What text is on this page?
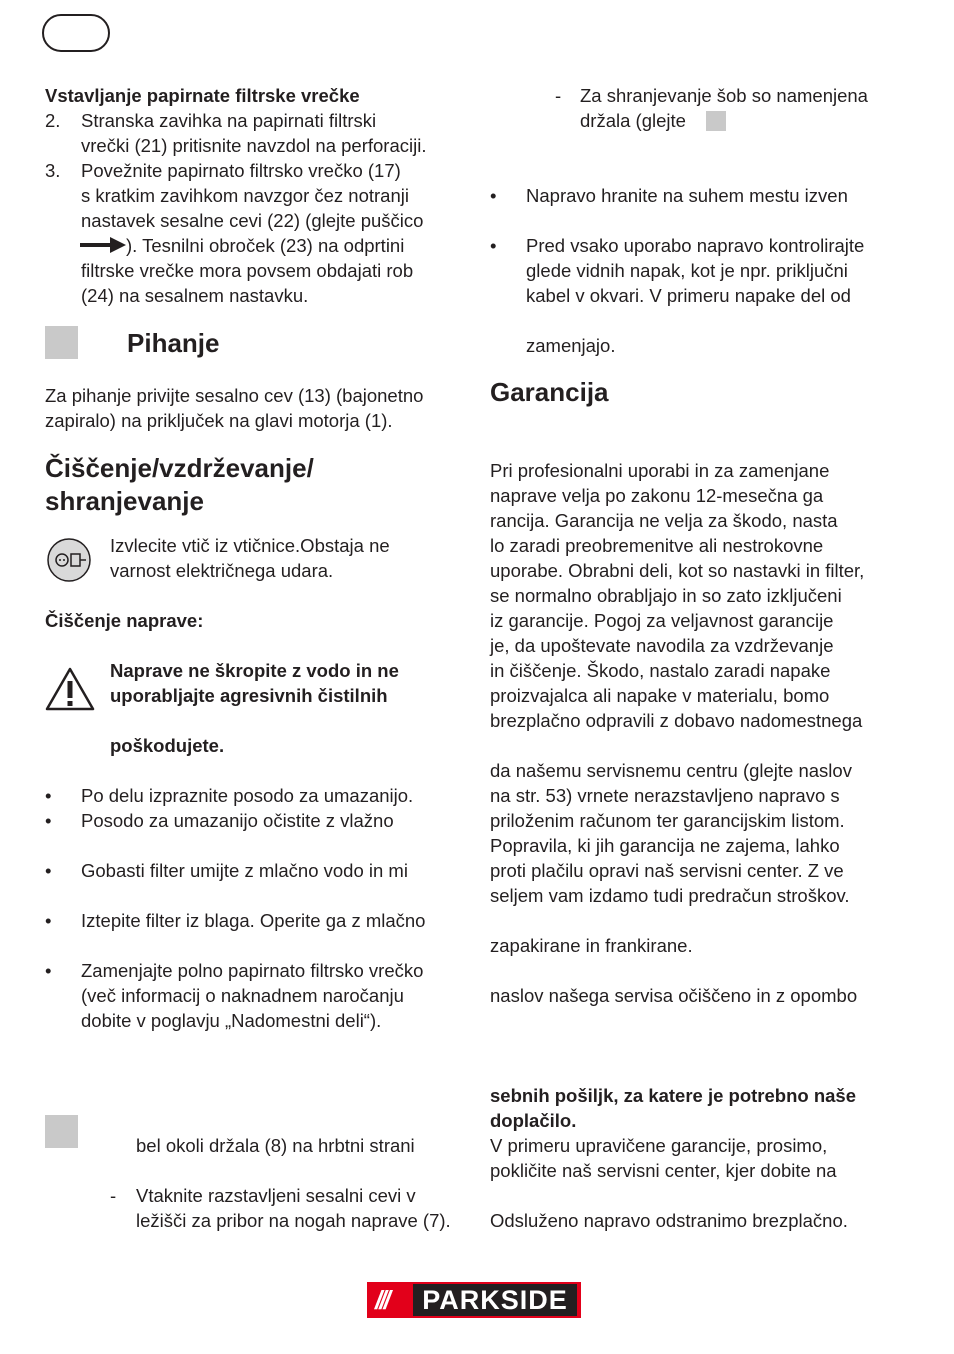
Vstavljanje papirnate filtrske vrečke
2. Stranska zavihka na papirnati filtrski
vrečki (21) pritisnite navzdol na perforaciji.
3. Povežnite papirnato filtrsko vrečko (17)
s kratkim zavihkom navzgor čez notranji
nastavek sesalne cevi (22) (glejte puščico
). Tesnilni obroček (23) na odprtini
filtrske vrečke mora povsem obdajati rob
(24) na sesalnem nastavku.
Pihanje
Za pihanje privijte sesalno cev (13) (bajonetno
zapiralo) na priključek na glavi motorja (1).
Čiščenje/vzdrževanje/
shranjevanje
Izvlecite vtič iz vtičnice.Obstaja ne
varnost električnega udara.
Čiščenje naprave:
Naprave ne škropite z vodo in ne
uporabljajte agresivnih čistilnih
poškodujete.
• Po delu izpraznite posodo za umazanijo.
• Posodo za umazanijo očistite z vlažno
• Gobasti filter umijte z mlačno vodo in mi
• Iztepite filter iz blaga. Operite ga z mlačno
• Zamenjajte polno papirnato filtrsko vrečko
(več informacij o naknadnem naročanju
dobite v poglavju „Nadomestni deli“).
bel okoli držala (8) na hrbtni strani
- Vtaknite razstavljeni sesalni cevi v
ležišči za pribor na nogah naprave (7).
- Za shranjevanje šob so namenjena
držala (glejte
• Napravo hranite na suhem mestu izven
• Pred vsako uporabo napravo kontrolirajte
glede vidnih napak, kot je npr. priključni
kabel v okvari. V primeru napake del od
zamenjajo.
Garancija
Pri profesionalni uporabi in za zamenjane
naprave velja po zakonu 12-mesečna ga
rancija. Garancija ne velja za škodo, nasta
lo zaradi preobremenitve ali nestrokovne
uporabe. Obrabni deli, kot so nastavki in filter,
se normalno obrabljajo in so zato izključeni
iz garancije. Pogoj za veljavnost garancije
je, da upoštevate navodila za vzdrževanje
in čiščenje. Škodo, nastalo zaradi napake
proizvajalca ali napake v materialu, bomo
brezplačno odpravili z dobavo nadomestnega
da našemu servisnemu centru (glejte naslov
na str. 53) vrnete nerazstavljeno napravo s
priloženim računom ter garancijskim listom.
Popravila, ki jih garancija ne zajema, lahko
proti plačilu opravi naš servisni center. Z ve
seljem vam izdamo tudi predračun stroškov.
zapakirane in frankirane.
naslov našega servisa očiščeno in z opombo
sebnih pošiljk, za katere je potrebno naše
doplačilo.
V primeru upravičene garancije, prosimo,
pokličite naš servisni center, kjer dobite na
Odsluženo napravo odstranimo brezplačno.
/// PARKSIDE
